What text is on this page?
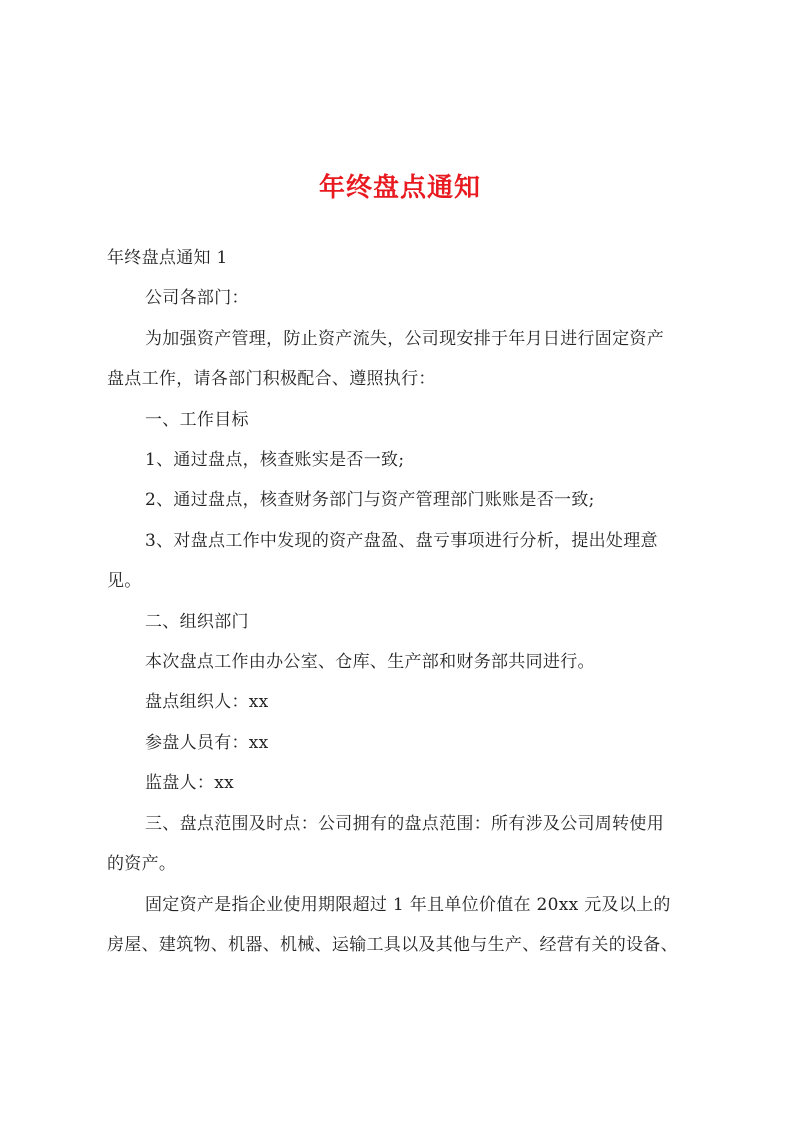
年终盘点通知
年终盘点通知 1
公司各部门：
为加强资产管理，防止资产流失，公司现安排于年月日进行固定资产
盘点工作，请各部门积极配合、遵照执行：
一、工作目标
1、通过盘点，核查账实是否一致;
2、通过盘点，核查财务部门与资产管理部门账账是否一致;
3、对盘点工作中发现的资产盘盈、盘亏事项进行分析，提出处理意
见。
二、组织部门
本次盘点工作由办公室、仓库、生产部和财务部共同进行。
盘点组织人：xx
参盘人员有：xx
监盘人：xx
三、盘点范围及时点：公司拥有的盘点范围：所有涉及公司周转使用
的资产。
固定资产是指企业使用期限超过 1 年且单位价值在 20xx 元及以上的
房屋、建筑物、机器、机械、运输工具以及其他与生产、经营有关的设备、
